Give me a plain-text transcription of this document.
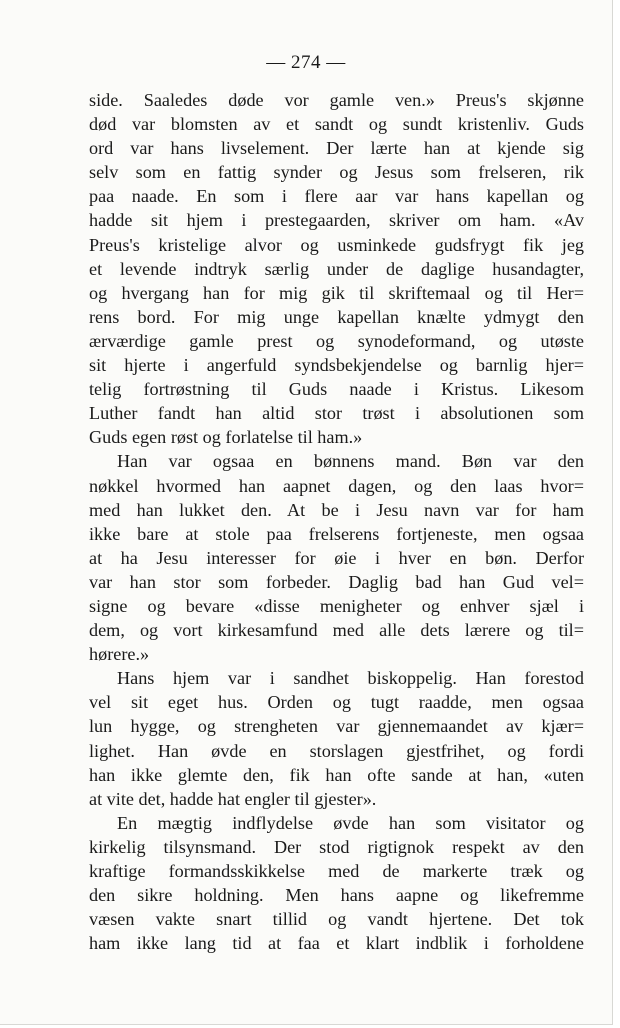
— 274 —
side. Saaledes døde vor gamle ven.» Preus's skjønne
død var blomsten av et sandt og sundt kristenliv. Guds
ord var hans livselement. Der lærte han at kjende sig
selv som en fattig synder og Jesus som frelseren, rik
paa naade. En som i flere aar var hans kapellan og
hadde sit hjem i prestegaarden, skriver om ham. «Av
Preus's kristelige alvor og usminkede gudsfrygt fik jeg
et levende indtryk særlig under de daglige husandagter,
og hvergang han for mig gik til skriftemaal og til Her=
rens bord. For mig unge kapellan knælte ydmygt den
ærværdige gamle prest og synodeformand, og utøste
sit hjerte i angerfuld syndsbekjendelse og barnlig hjer=
telig fortrøstning til Guds naade i Kristus. Likesom
Luther fandt han altid stor trøst i absolutionen som
Guds egen røst og forlatelse til ham.»
Han var ogsaa en bønnens mand. Bøn var den
nøkkel hvormed han aapnet dagen, og den laas hvor=
med han lukket den. At be i Jesu navn var for ham
ikke bare at stole paa frelserens fortjeneste, men ogsaa
at ha Jesu interesser for øie i hver en bøn. Derfor
var han stor som forbeder. Daglig bad han Gud vel=
signe og bevare «disse menigheter og enhver sjæl i
dem, og vort kirkesamfund med alle dets lærere og til=
hørere.»
Hans hjem var i sandhet biskoppelig. Han forestod
vel sit eget hus. Orden og tugt raadde, men ogsaa
lun hygge, og strengheten var gjennemaandet av kjær=
lighet. Han øvde en storslagen gjestfrihet, og fordi
han ikke glemte den, fik han ofte sande at han, «uten
at vite det, hadde hat engler til gjester».
En mægtig indflydelse øvde han som visitator og
kirkelig tilsynsmand. Der stod rigtignok respekt av den
kraftige formandsskikkelse med de markerte træk og
den sikre holdning. Men hans aapne og likefremme
væsen vakte snart tillid og vandt hjertene. Det tok
ham ikke lang tid at faa et klart indblik i forholdene
